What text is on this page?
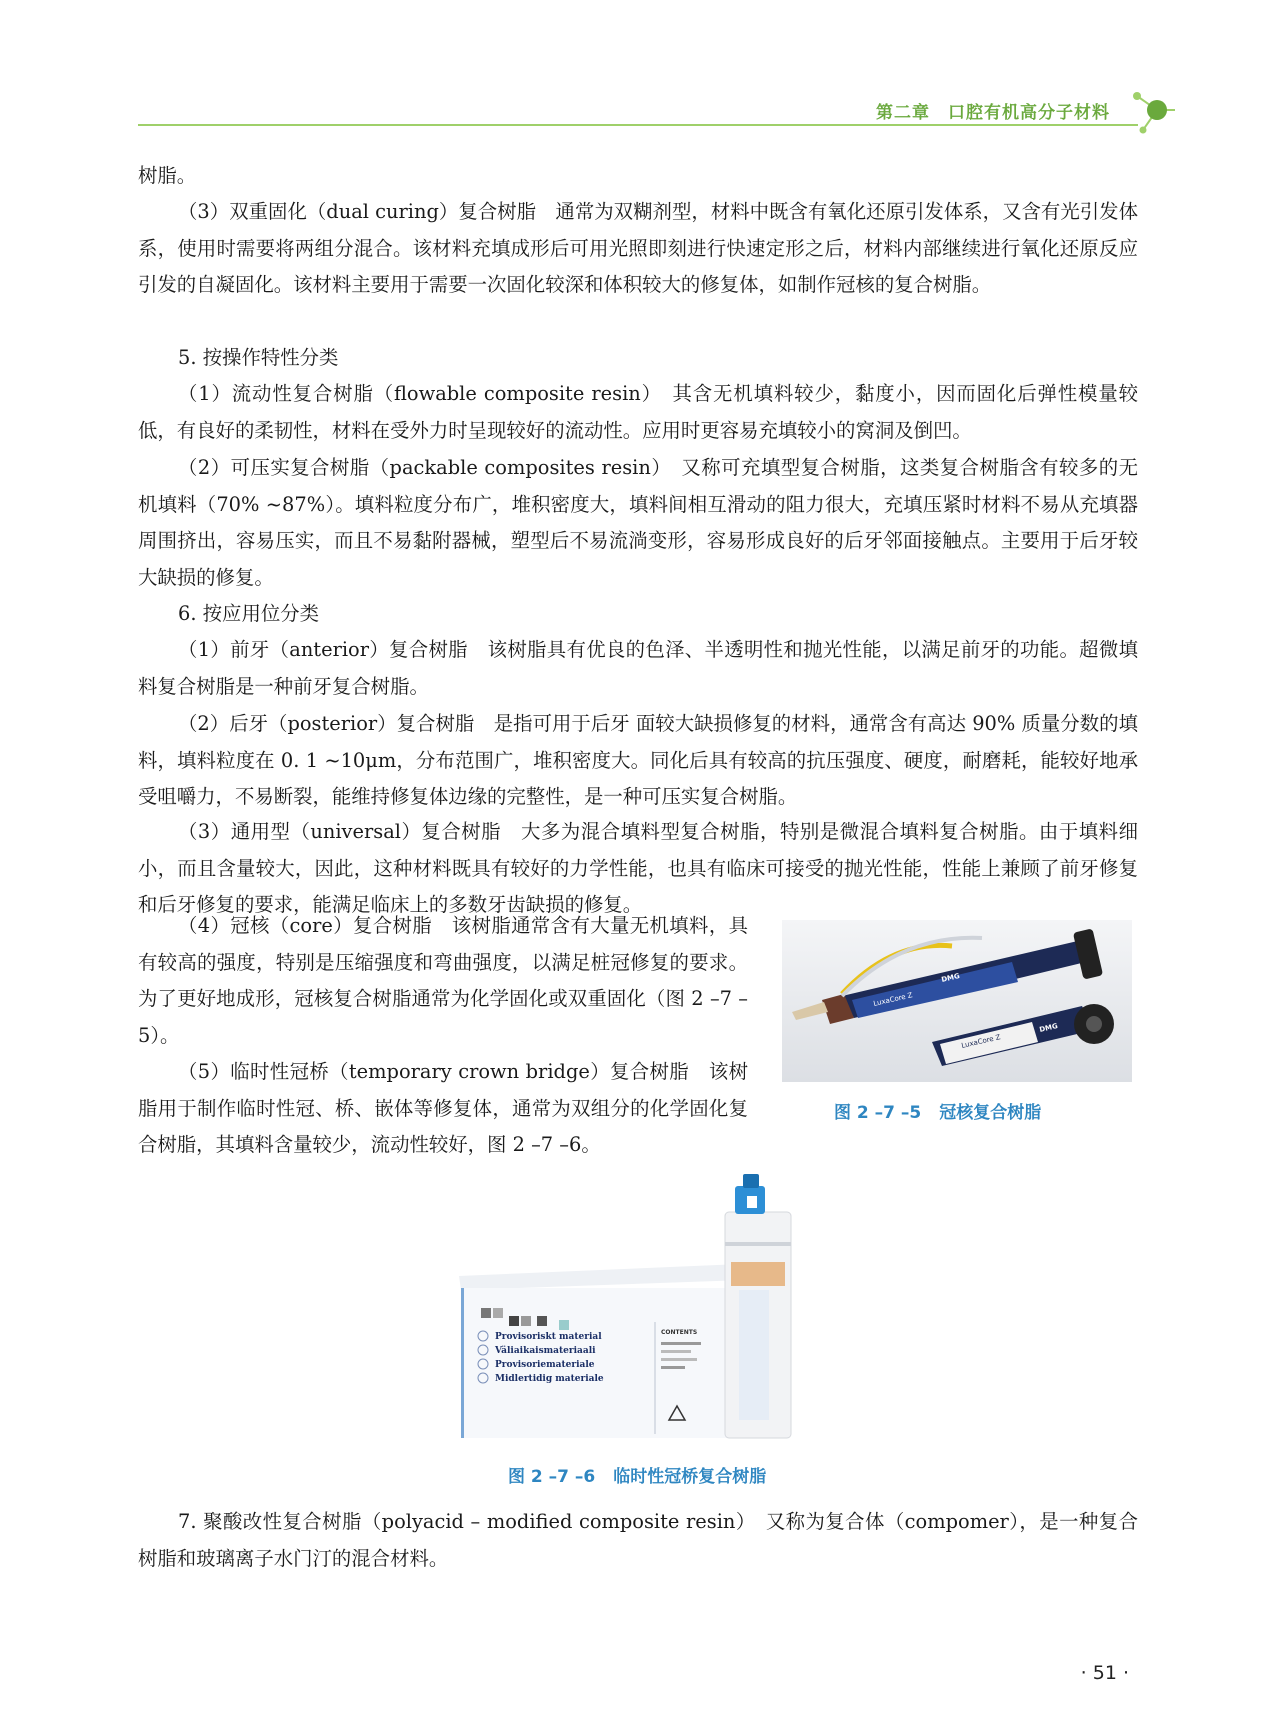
第二章 口腔有机高分子材料
树脂。
（3）双重固化（dual curing）复合树脂　通常为双糊剂型，材料中既含有氧化还原引发体系，又含有光引发体系，使用时需要将两组分混合。该材料充填成形后可用光照即刻进行快速定形之后，材料内部继续进行氧化还原反应引发的自凝固化。该材料主要用于需要一次固化较深和体积较大的修复体，如制作冠核的复合树脂。
5. 按操作特性分类
（1）流动性复合树脂（flowable composite resin）　其含无机填料较少，黏度小，因而固化后弹性模量较低，有良好的柔韧性，材料在受外力时呈现较好的流动性。应用时更容易充填较小的窝洞及倒凹。
（2）可压实复合树脂（packable composites resin）　又称可充填型复合树脂，这类复合树脂含有较多的无机填料（70% ~87%）。填料粒度分布广，堆积密度大，填料间相互滑动的阻力很大，充填压紧时材料不易从充填器周围挤出，容易压实，而且不易黏附器械，塑型后不易流淌变形，容易形成良好的后牙邻面接触点。主要用于后牙较大缺损的修复。
6. 按应用位分类
（1）前牙（anterior）复合树脂　该树脂具有优良的色泽、半透明性和抛光性能，以满足前牙的功能。超微填料复合树脂是一种前牙复合树脂。
（2）后牙（posterior）复合树脂　是指可用于后牙 面较大缺损修复的材料，通常含有高达 90% 质量分数的填料，填料粒度在 0. 1 ~10μm，分布范围广，堆积密度大。同化后具有较高的抗压强度、硬度，耐磨耗，能较好地承受咀嚼力，不易断裂，能维持修复体边缘的完整性，是一种可压实复合树脂。
（3）通用型（universal）复合树脂　大多为混合填料型复合树脂，特别是微混合填料复合树脂。由于填料细小，而且含量较大，因此，这种材料既具有较好的力学性能，也具有临床可接受的抛光性能，性能上兼顾了前牙修复和后牙修复的要求，能满足临床上的多数牙齿缺损的修复。
（4）冠核（core）复合树脂　该树脂通常含有大量无机填料，具有较高的强度，特别是压缩强度和弯曲强度，以满足桩冠修复的要求。为了更好地成形，冠核复合树脂通常为化学固化或双重固化（图 2 –7 –5）。
（5）临时性冠桥（temporary crown bridge）复合树脂　该树脂用于制作临时性冠、桥、嵌体等修复体，通常为双组分的化学固化复合树脂，其填料含量较少，流动性较好，图 2 –7 –6。
7. 聚酸改性复合树脂（polyacid – modified composite resin）　又称为复合体（compomer），是一种复合树脂和玻璃离子水门汀的混合材料。
LuxaCore Z
DMG
LuxaCore Z
DMG
图 2 –7 –5 冠核复合树脂
Provisoriskt material
Väliaikaismateriaali
Provisoriemateriale
Midlertidig materiale
CONTENTS
图 2 –7 –6 临时性冠桥复合树脂
· 51 ·
